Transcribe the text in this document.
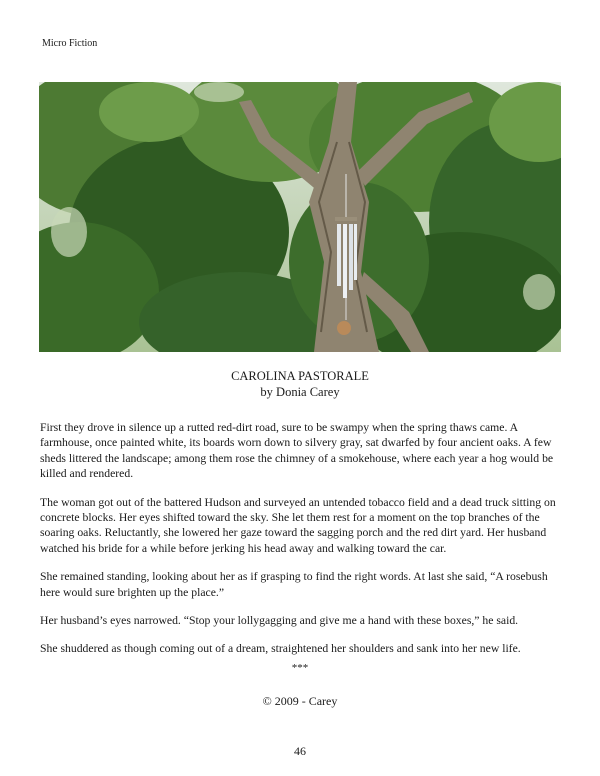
Micro Fiction
CAROLINA PASTORALE
by Donia Carey

First they drove in silence up a rutted red-dirt road, sure to be swampy when the spring thaws came. A farmhouse, once painted white, its boards worn down to silvery gray, sat dwarfed by four ancient oaks. A few sheds littered the landscape; among them rose the chimney of a smokehouse, where each year a hog would be killed and rendered.

The woman got out of the battered Hudson and surveyed an untended tobacco field and a dead truck sitting on concrete blocks. Her eyes shifted toward the sky. She let them rest for a moment on the top branches of the soaring oaks. Reluctantly, she lowered her gaze toward the sagging porch and the red dirt yard. Her husband watched his bride for a while before jerking his head away and walking toward the car.

She remained standing, looking about her as if grasping to find the right words. At last she said, “A rosebush here would sure brighten up the place.”

Her husband’s eyes narrowed. “Stop your lollygagging and give me a hand with these boxes,” he said.

She shuddered as though coming out of a dream, straightened her shoulders and sank into her new life.

***
© 2009 - Carey
46
